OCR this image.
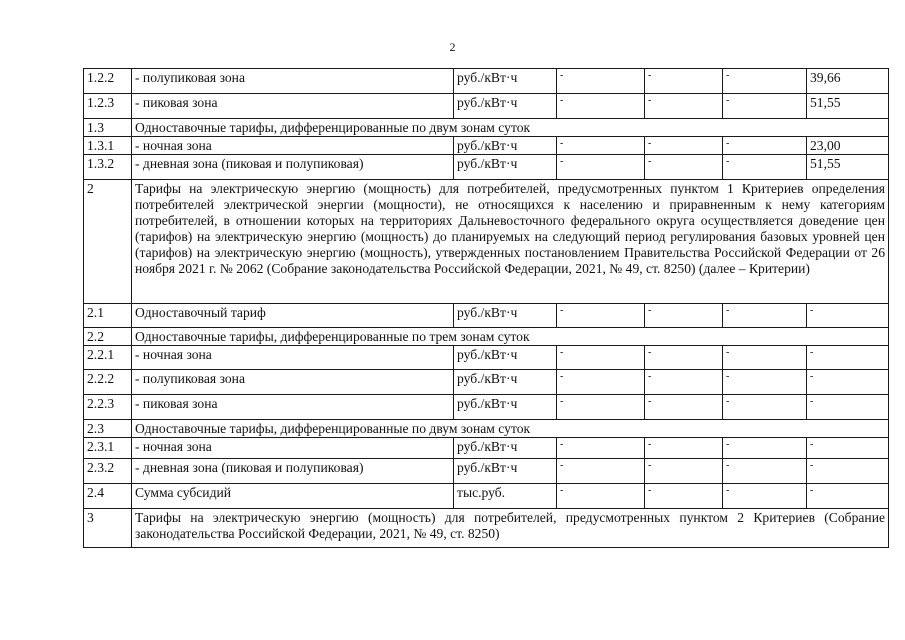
2
1.2.2	- полупиковая зона	руб./кВт·ч	-	-	-	39,66
1.2.3	- пиковая зона	руб./кВт·ч	-	-	-	51,55
1.3	Одноставочные тарифы, дифференцированные по двум зонам суток					
1.3.1	- ночная зона	руб./кВт·ч	-	-	-	23,00
1.3.2	- дневная зона (пиковая и полупиковая)	руб./кВт·ч	-	-	-	51,55
2	Тарифы на электрическую энергию (мощность) для потребителей, предусмотренных пунктом 1 Критериев определения потребителей электрической энергии (мощности), не относящихся к населению и приравненным к нему категориям потребителей, в отношении которых на территориях Дальневосточного федерального округа осуществляется доведение цен (тарифов) на электрическую энергию (мощность) до планируемых на следующий период регулирования базовых уровней цен (тарифов) на электрическую энергию (мощность), утвержденных постановлением Правительства Российской Федерации от 26 ноября 2021 г. № 2062 (Собрание законодательства Российской Федерации, 2021, № 49, ст. 8250) (далее – Критерии)					
2.1	Одноставочный тариф	руб./кВт·ч	-	-	-	-
2.2	Одноставочные тарифы, дифференцированные по трем зонам суток					
2.2.1	- ночная зона	руб./кВт·ч	-	-	-	-
2.2.2	- полупиковая зона	руб./кВт·ч	-	-	-	-
2.2.3	- пиковая зона	руб./кВт·ч	-	-	-	-
2.3	Одноставочные тарифы, дифференцированные по двум зонам суток					
2.3.1	- ночная зона	руб./кВт·ч	-	-	-	-
2.3.2	- дневная зона (пиковая и полупиковая)	руб./кВт·ч	-	-	-	-
2.4	Сумма субсидий	тыс.руб.	-	-	-	-
3	Тарифы на электрическую энергию (мощность) для потребителей, предусмотренных пунктом 2 Критериев (Собрание законодательства Российской Федерации, 2021, № 49, ст. 8250)					
